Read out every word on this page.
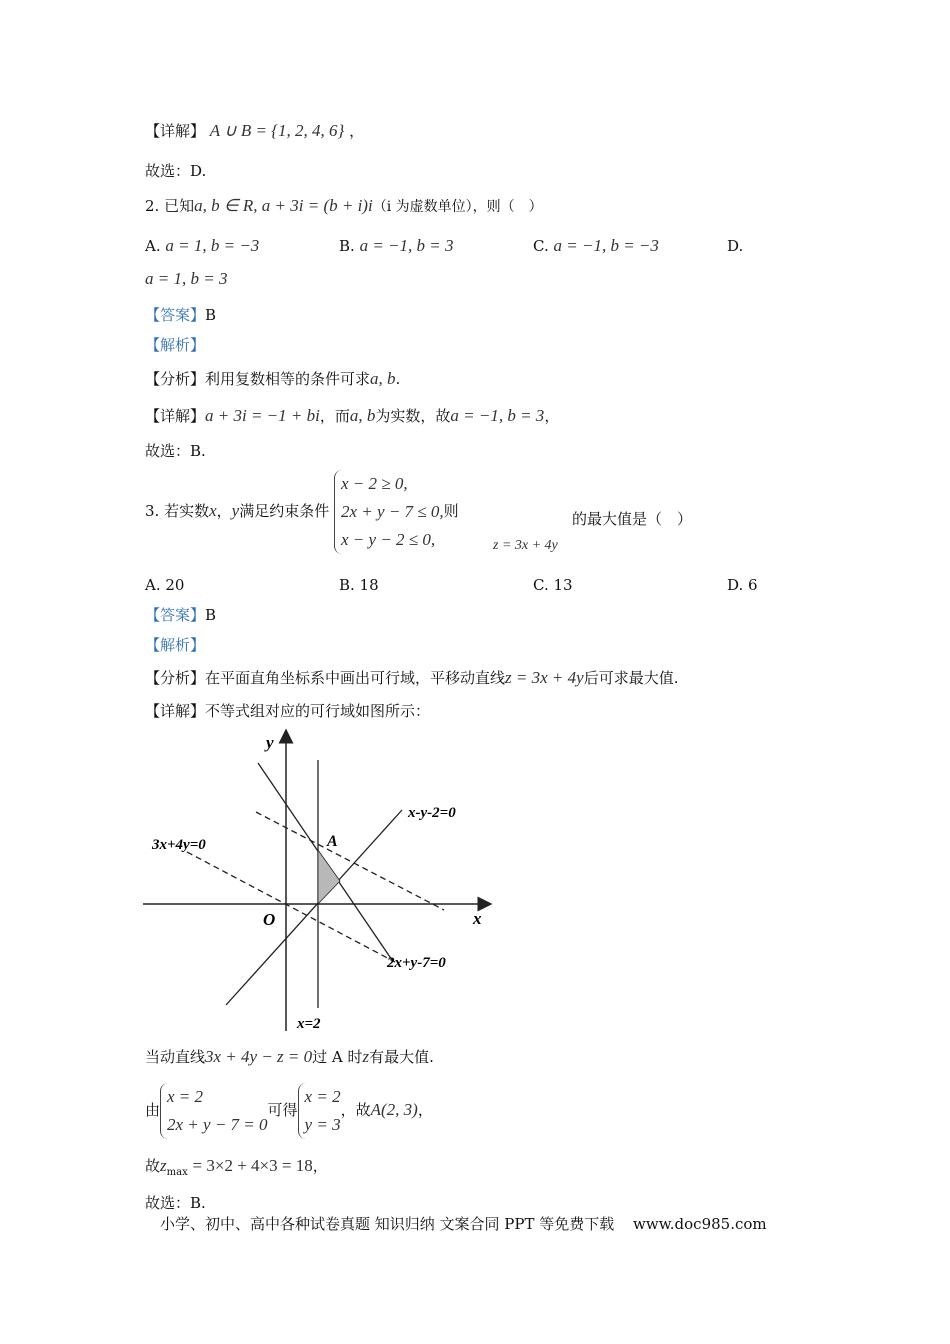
【详解】 A ∪ B = {1, 2, 4, 6} ，
故选：D.
2. 已知a, b ∈ R, a + 3i = (b + i)i（i 为虚数单位），则（　）
A. a = 1, b = −3	B. a = −1, b = 3	C. a = −1, b = −3	D.
a = 1, b = 3
【答案】B
【解析】
【分析】利用复数相等的条件可求a, b.
【详解】a + 3i = −1 + bi，而a, b为实数，故a = −1, b = 3，
故选：B.
3. 若实数x，y满足约束条件
x − 2 ≥ 0,
2x + y − 7 ≤ 0,
x − y − 2 ≤ 0,
则
z = 3x + 4y
的最大值是（　）
A. 20	B. 18	C. 13	D. 6
【答案】B
【解析】
【分析】在平面直角坐标系中画出可行域，平移动直线z = 3x + 4y后可求最大值.
【详解】不等式组对应的可行域如图所示：
y
x
O
A
x-y-2=0
3x+4y=0
2x+y-7=0
x=2
当动直线3x + 4y − z = 0过 A 时z有最大值.
由
x = 2
2x + y − 7 = 0
可得
x = 2
y = 3
，故A(2, 3)，
故$z_{max} = 3\times 2 + 4\times 3 = 18$，
故选：B.
小学、初中、高中各种试卷真题 知识归纳 文案合同 PPT 等免费下载 www.doc985.com
